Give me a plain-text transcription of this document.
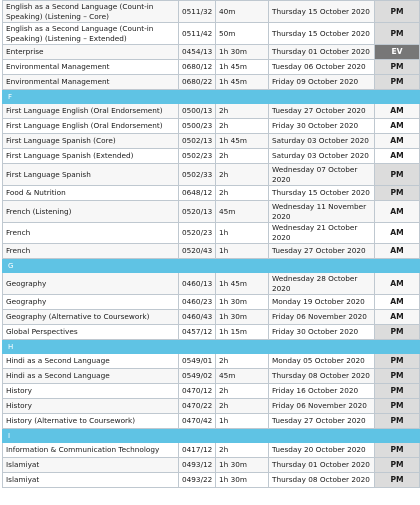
English as a Second Language (Count-in Speaking) (Listening – Core)	0511/32	40m	Thursday 15 October 2020	PM
English as a Second Language (Count-in Speaking) (Listening – Extended)	0511/42	50m	Thursday 15 October 2020	PM
Enterprise	0454/13	1h 30m	Thursday 01 October 2020	EV
Environmental Management	0680/12	1h 45m	Tuesday 06 October 2020	PM
Environmental Management	0680/22	1h 45m	Friday 09 October 2020	PM
F				
First Language English (Oral Endorsement)	0500/13	2h	Tuesday 27 October 2020	AM
First Language English (Oral Endorsement)	0500/23	2h	Friday 30 October 2020	AM
First Language Spanish (Core)	0502/13	1h 45m	Saturday 03 October 2020	AM
First Language Spanish (Extended)	0502/23	2h	Saturday 03 October 2020	AM
First Language Spanish	0502/33	2h	Wednesday 07 October 2020	PM
Food & Nutrition	0648/12	2h	Thursday 15 October 2020	PM
French (Listening)	0520/13	45m	Wednesday 11 November 2020	AM
French	0520/23	1h	Wednesday 21 October 2020	AM
French	0520/43	1h	Tuesday 27 October 2020	AM
G				
Geography	0460/13	1h 45m	Wednesday 28 October 2020	AM
Geography	0460/23	1h 30m	Monday 19 October 2020	AM
Geography (Alternative to Coursework)	0460/43	1h 30m	Friday 06 November 2020	AM
Global Perspectives	0457/12	1h 15m	Friday 30 October 2020	PM
H				
Hindi as a Second Language	0549/01	2h	Monday 05 October 2020	PM
Hindi as a Second Language	0549/02	45m	Thursday 08 October 2020	PM
History	0470/12	2h	Friday 16 October 2020	PM
History	0470/22	2h	Friday 06 November 2020	PM
History (Alternative to Coursework)	0470/42	1h	Tuesday 27 October 2020	PM
I				
Information & Communication Technology	0417/12	2h	Tuesday 20 October 2020	PM
Islamiyat	0493/12	1h 30m	Thursday 01 October 2020	PM
Islamiyat	0493/22	1h 30m	Thursday 08 October 2020	PM
